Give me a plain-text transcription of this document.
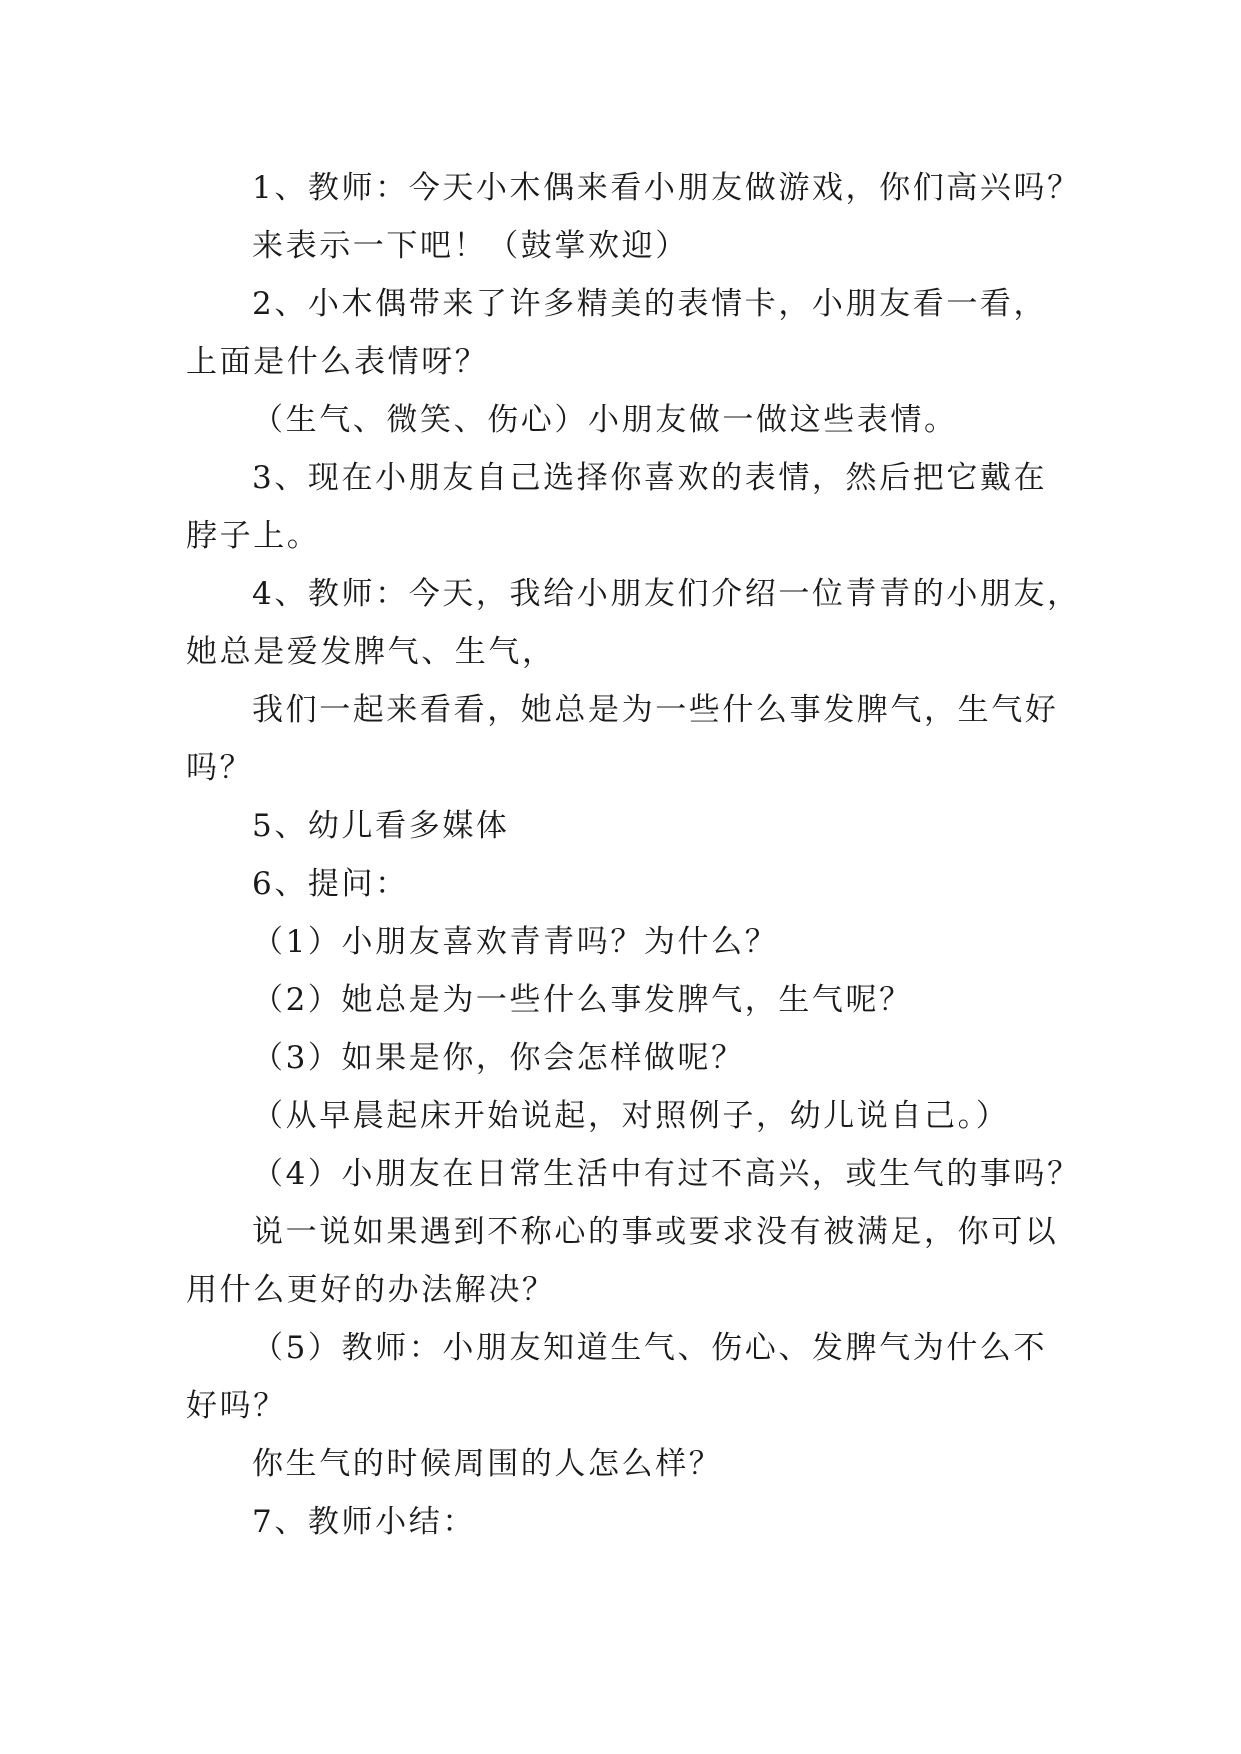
1、教师：今天小木偶来看小朋友做游戏，你们高兴吗？

来表示一下吧！（鼓掌欢迎）

2、小木偶带来了许多精美的表情卡，小朋友看一看，

上面是什么表情呀？

（生气、微笑、伤心）小朋友做一做这些表情。

3、现在小朋友自己选择你喜欢的表情，然后把它戴在

脖子上。

4、教师：今天，我给小朋友们介绍一位青青的小朋友，

她总是爱发脾气、生气，

我们一起来看看，她总是为一些什么事发脾气，生气好

吗？

5、幼儿看多媒体

6、提问：

（1）小朋友喜欢青青吗？为什么？

（2）她总是为一些什么事发脾气，生气呢？

（3）如果是你，你会怎样做呢？

（从早晨起床开始说起，对照例子，幼儿说自己。）

（4）小朋友在日常生活中有过不高兴，或生气的事吗？

说一说如果遇到不称心的事或要求没有被满足，你可以

用什么更好的办法解决？

（5）教师：小朋友知道生气、伤心、发脾气为什么不

好吗？

你生气的时候周围的人怎么样？

7、教师小结：
